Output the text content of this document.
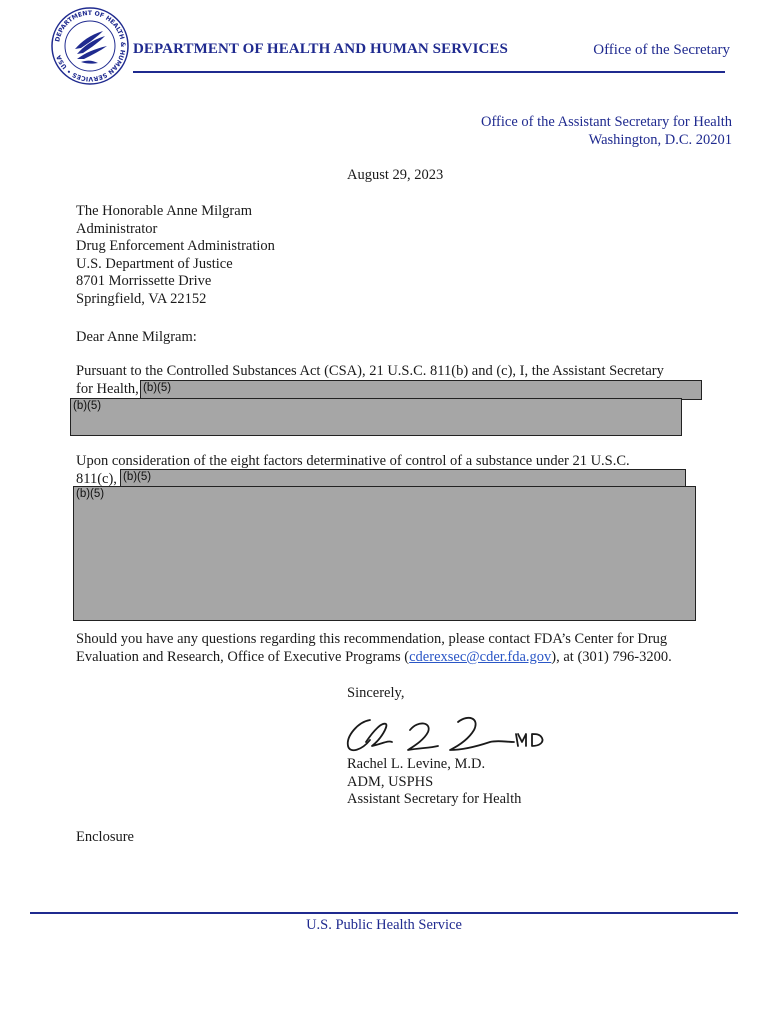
DEPARTMENT OF HEALTH & HUMAN SERVICES • USA
DEPARTMENT OF HEALTH AND HUMAN SERVICES	Office of the Secretary
Office of the Assistant Secretary for Health
Washington, D.C. 20201
August 29, 2023
The Honorable Anne Milgram
Administrator
Drug Enforcement Administration
U.S. Department of Justice
8701 Morrissette Drive
Springfield, VA 22152
Dear Anne Milgram:
Pursuant to the Controlled Substances Act (CSA), 21 U.S.C. 811(b) and (c), I, the Assistant Secretary
for Health, (b)(5)
(b)(5)
Upon consideration of the eight factors determinative of control of a substance under 21 U.S.C.
811(c), (b)(5)
(b)(5)
Should you have any questions regarding this recommendation, please contact FDA’s Center for Drug
Evaluation and Research, Office of Executive Programs (cderexsec@cder.fda.gov), at (301) 796-3200.
Sincerely,
Rachel L. Levine, M.D.
ADM, USPHS
Assistant Secretary for Health
Enclosure
U.S. Public Health Service
